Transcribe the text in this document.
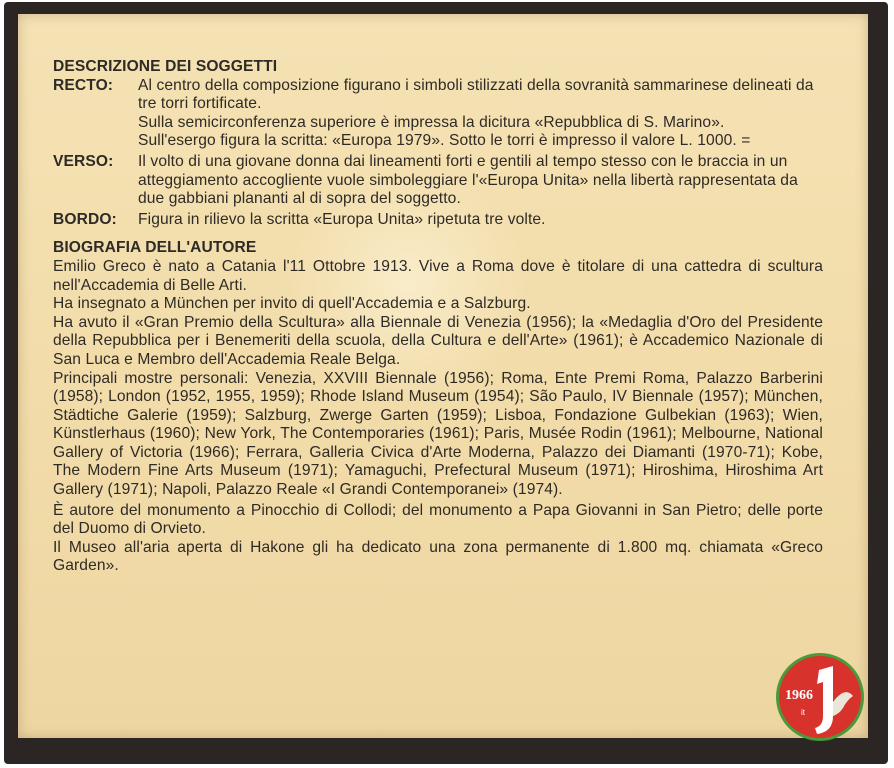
DESCRIZIONE DEI SOGGETTI

RECTO:	Al centro della composizione figurano i simboli stilizzati della sovranità sammarinese delineati da tre torri fortificate.

Sulla semicirconferenza superiore è impressa la dicitura «Repubblica di S. Marino».

Sull'esergo figura la scritta: «Europa 1979». Sotto le torri è impresso il valore L. 1000. =

VERSO:	Il volto di una giovane donna dai lineamenti forti e gentili al tempo stesso con le braccia in un atteggiamento accogliente vuole simboleggiare l'«Europa Unita» nella libertà rappresentata da due gabbiani plananti al di sopra del soggetto.

BORDO:	Figura in rilievo la scritta «Europa Unita» ripetuta tre volte.

BIOGRAFIA DELL'AUTORE

Emilio Greco è nato a Catania l'11 Ottobre 1913. Vive a Roma dove è titolare di una cattedra di scultura nell'Accademia di Belle Arti.

Ha insegnato a München per invito di quell'Accademia e a Salzburg.

Ha avuto il «Gran Premio della Scultura» alla Biennale di Venezia (1956); la «Medaglia d'Oro del Presidente della Repubblica per i Benemeriti della scuola, della Cultura e dell'Arte» (1961); è Accademico Nazionale di San Luca e Membro dell'Accademia Reale Belga.

Principali mostre personali: Venezia, XXVIII Biennale (1956); Roma, Ente Premi Roma, Palazzo Barberini (1958); London (1952, 1955, 1959); Rhode Island Museum (1954); São Paulo, IV Biennale (1957); München, Städtiche Galerie (1959); Salzburg, Zwerge Garten (1959); Lisboa, Fondazione Gulbekian (1963); Wien, Künstlerhaus (1960); New York, The Contemporaries (1961); Paris, Musée Rodin (1961); Melbourne, National Gallery of Victoria (1966); Ferrara, Galleria Civica d'Arte Moderna, Palazzo dei Diamanti (1970-71); Kobe, The Modern Fine Arts Museum (1971); Yamaguchi, Prefectural Museum (1971); Hiroshima, Hiroshima Art Gallery (1971); Napoli, Palazzo Reale «I Grandi Contemporanei» (1974).

È autore del monumento a Pinocchio di Collodi; del monumento a Papa Giovanni in San Pietro; delle porte del Duomo di Orvieto.

Il Museo all'aria aperta di Hakone gli ha dedicato una zona permanente di 1.800 mq. chiamata «Greco Garden».

1966
it
